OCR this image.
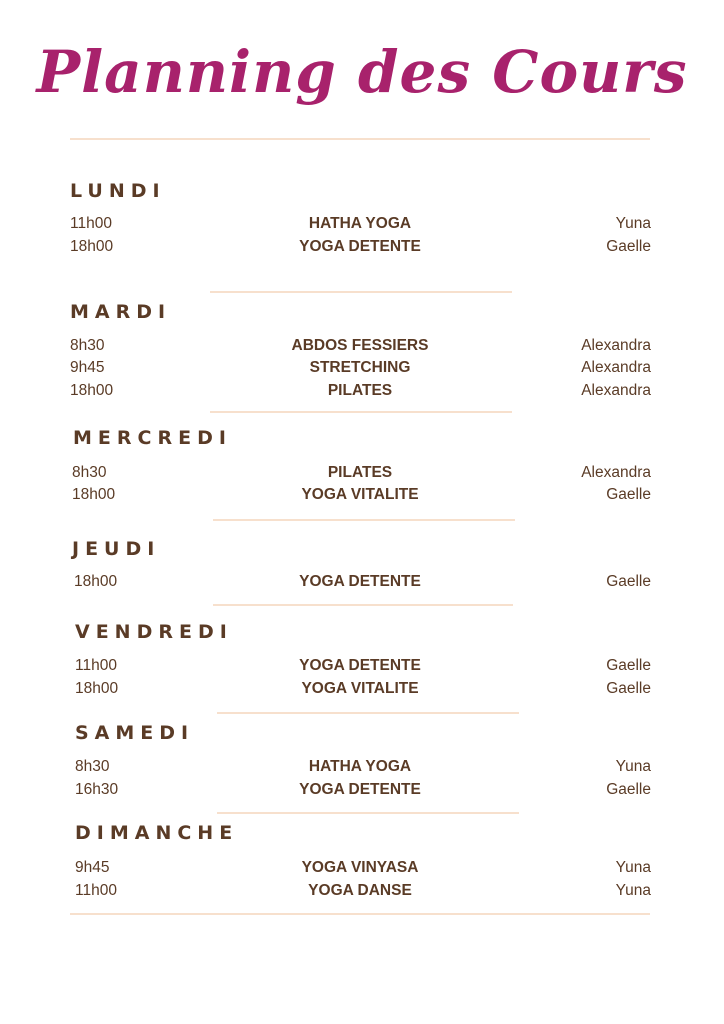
Planning des Cours
LUNDI
11h00	HATHA YOGA	Yuna
18h00	YOGA DETENTE	Gaelle
MARDI
8h30	ABDOS FESSIERS	Alexandra
9h45	STRETCHING	Alexandra
18h00	PILATES	Alexandra
MERCREDI
8h30	PILATES	Alexandra
18h00	YOGA VITALITE	Gaelle
JEUDI
18h00	YOGA DETENTE	Gaelle
VENDREDI
11h00	YOGA DETENTE	Gaelle
18h00	YOGA VITALITE	Gaelle
SAMEDI
8h30	HATHA YOGA	Yuna
16h30	YOGA DETENTE	Gaelle
DIMANCHE
9h45	YOGA VINYASA	Yuna
11h00	YOGA DANSE	Yuna
